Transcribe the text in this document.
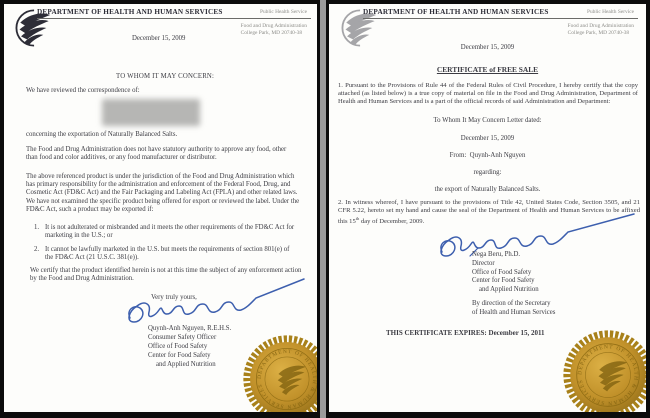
DEPARTMENT OF HEALTH AND HUMAN SERVICES	Public Health Service
Food and Drug Administration
College Park, MD 20740-38
December 15, 2009
TO WHOM IT MAY CONCERN:
We have reviewed the correspondence of:
concerning the exportation of Naturally Balanced Salts.
The Food and Drug Administration does not have statutory authority to approve any food, other than food and color additives, or any food manufacturer or distributor.
The above referenced product is under the jurisdiction of the Food and Drug Administration which has primary responsibility for the administration and enforcement of the Federal Food, Drug, and Cosmetic Act (FD&C Act) and the Fair Packaging and Labeling Act (FPLA) and other related laws. We have not examined the specific product being offered for export or reviewed the label. Under the FD&C Act, such a product may be exported if:
1. It is not adulterated or misbranded and it meets the other requirements of the FD&C Act for marketing in the U.S.; or
2. It cannot be lawfully marketed in the U.S. but meets the requirements of section 801(e) of the FD&C Act (21 U.S.C. 381(e)).
We certify that the product identified herein is not at this time the subject of any enforcement action by the Food and Drug Administration.
Very truly yours,
Quynh-Anh Nguyen, R.E.H.S.
Consumer Safety Officer
Office of Food Safety
Center for Food Safety
and Applied Nutrition
DEPARTMENT OF HEALTH & HUMAN SERVICES
DEPARTMENT OF HEALTH AND HUMAN SERVICES	Public Health Service
Food and Drug Administration
College Park, MD 20740-38
December 15, 2009
CERTIFICATE of FREE SALE
1. Pursuant to the Provisions of Rule 44 of the Federal Rules of Civil Procedure, I hereby certify that the copy attached (as listed below) is a true copy of material on file in the Food and Drug Administration, Department of Health and Human Services and is a part of the official records of said Administration and Department:
To Whom It May Concern Letter dated:
December 15, 2009
From:  Quynh-Anh Nguyen
regarding:
the export of Naturally Balanced Salts.
2. In witness whereof, I have pursuant to the provisions of Title 42, United States Code, Section 3505, and 21 CFR 5.22, hereto set my hand and cause the seal of the Department of Health and Human Services to be affixed this 15th day of December, 2009.
Nega Beru, Ph.D.
Director
Office of Food Safety
Center for Food Safety
and Applied Nutrition
By direction of the Secretary
of Health and Human Services
THIS CERTIFICATE EXPIRES: December 15, 2011
DEPARTMENT OF HEALTH & HUMAN SERVICES
